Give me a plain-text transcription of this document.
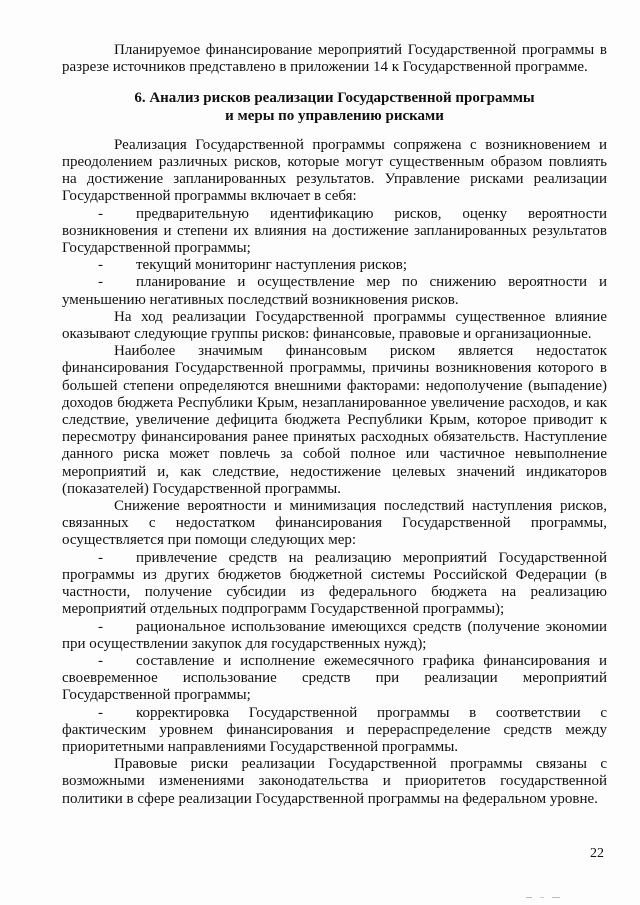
Планируемое финансирование мероприятий Государственной программы в разрезе источников представлено в приложении 14 к Государственной программе.

6. Анализ рисков реализации Государственной программы
и меры по управлению рисками

Реализация Государственной программы сопряжена с возникновением и преодолением различных рисков, которые могут существенным образом повлиять на достижение запланированных результатов. Управление рисками реализации Государственной программы включает в себя:

- предварительную идентификацию рисков, оценку вероятности возникновения и степени их влияния на достижение запланированных результатов Государственной программы;

- текущий мониторинг наступления рисков;

- планирование и осуществление мер по снижению вероятности и уменьшению негативных последствий возникновения рисков.

На ход реализации Государственной программы существенное влияние оказывают следующие группы рисков: финансовые, правовые и организационные.

Наиболее значимым финансовым риском является недостаток финансирования Государственной программы, причины возникновения которого в большей степени определяются внешними факторами: недополучение (выпадение) доходов бюджета Республики Крым, незапланированное увеличение расходов, и как следствие, увеличение дефицита бюджета Республики Крым, которое приводит к пересмотру финансирования ранее принятых расходных обязательств. Наступление данного риска может повлечь за собой полное или частичное невыполнение мероприятий и, как следствие, недостижение целевых значений индикаторов (показателей) Государственной программы.

Снижение вероятности и минимизация последствий наступления рисков, связанных с недостатком финансирования Государственной программы, осуществляется при помощи следующих мер:

- привлечение средств на реализацию мероприятий Государственной программы из других бюджетов бюджетной системы Российской Федерации (в частности, получение субсидии из федерального бюджета на реализацию мероприятий отдельных подпрограмм Государственной программы);

- рациональное использование имеющихся средств (получение экономии при осуществлении закупок для государственных нужд);

- составление и исполнение ежемесячного графика финансирования и своевременное использование средств при реализации мероприятий Государственной программы;

- корректировка Государственной программы в соответствии с фактическим уровнем финансирования и перераспределение средств между приоритетными направлениями Государственной программы.

Правовые риски реализации Государственной программы связаны с возможными изменениями законодательства и приоритетов государственной политики в сфере реализации Государственной программы на федеральном уровне.

22
